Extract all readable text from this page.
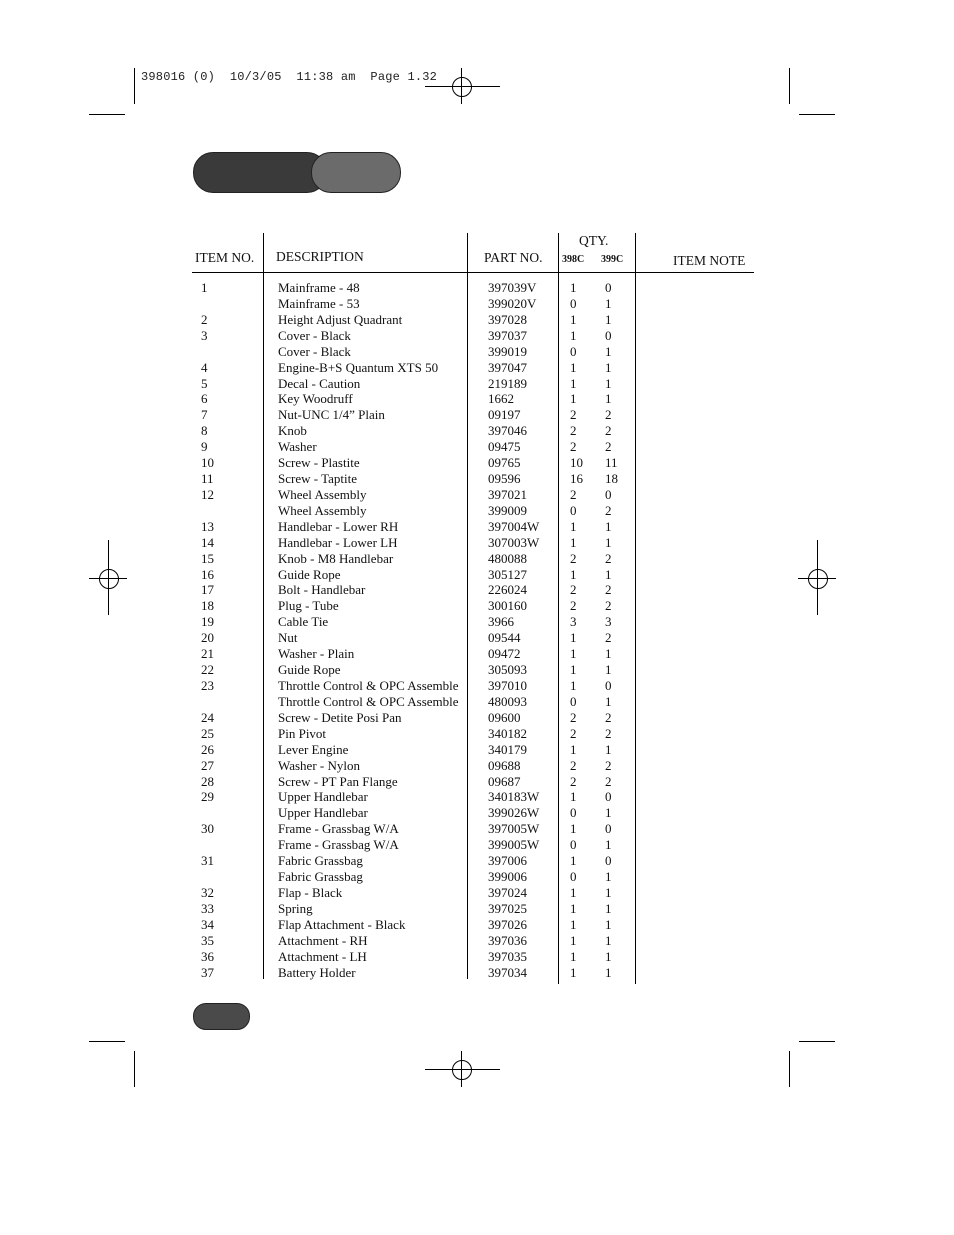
398016 (0)  10/3/05  11:38 am  Page 1.32
ITEM NO. DESCRIPTION	PART NO.
QTY.
398C 399C	ITEM NOTE
1	Mainframe - 48	397039V	1 0
Mainframe - 53	399020V	0 1
2	Height Adjust Quadrant	397028	1 1
3	Cover - Black	397037	1 0
Cover - Black	399019	0 1
4	Engine-B+S Quantum XTS 50	397047	1 1
5	Decal - Caution	219189	1 1
6	Key Woodruff	1662	1 1
7	Nut-UNC 1/4” Plain	09197	2 2
8	Knob	397046	2 2
9	Washer	09475	2 2
10	Screw - Plastite	09765	10 11
11	Screw - Taptite	09596	16 18
12	Wheel Assembly	397021	2 0
Wheel Assembly	399009	0 2
13	Handlebar - Lower RH	397004W 1 1
14	Handlebar - Lower LH	307003W 1 1
15	Knob - M8 Handlebar	480088	2 2
16	Guide Rope	305127	1 1
17	Bolt - Handlebar	226024	2 2
18	Plug - Tube	300160	2 2
19	Cable Tie	3966	3 3
20	Nut	09544	1 2
21	Washer - Plain	09472	1 1
22	Guide Rope	305093	1 1
23	Throttle Control & OPC Assemble 397010	1 0
Throttle Control & OPC Assemble 480093	0 1
24	Screw - Detite Posi Pan	09600	2 2
25	Pin Pivot	340182	2 2
26	Lever Engine	340179	1 1
27	Washer - Nylon	09688	2 2
28	Screw - PT Pan Flange	09687	2 2
29	Upper Handlebar	340183W 1 0
Upper Handlebar	399026W 0 1
30	Frame - Grassbag W/A	397005W 1 0
Frame - Grassbag W/A	399005W 0 1
31	Fabric Grassbag	397006	1 0
Fabric Grassbag	399006	0 1
32	Flap - Black	397024	1 1
33	Spring	397025	1 1
34	Flap Attachment - Black	397026	1 1
35	Attachment - RH	397036	1 1
36	Attachment - LH	397035	1 1
37	Battery Holder	397034	1 1
